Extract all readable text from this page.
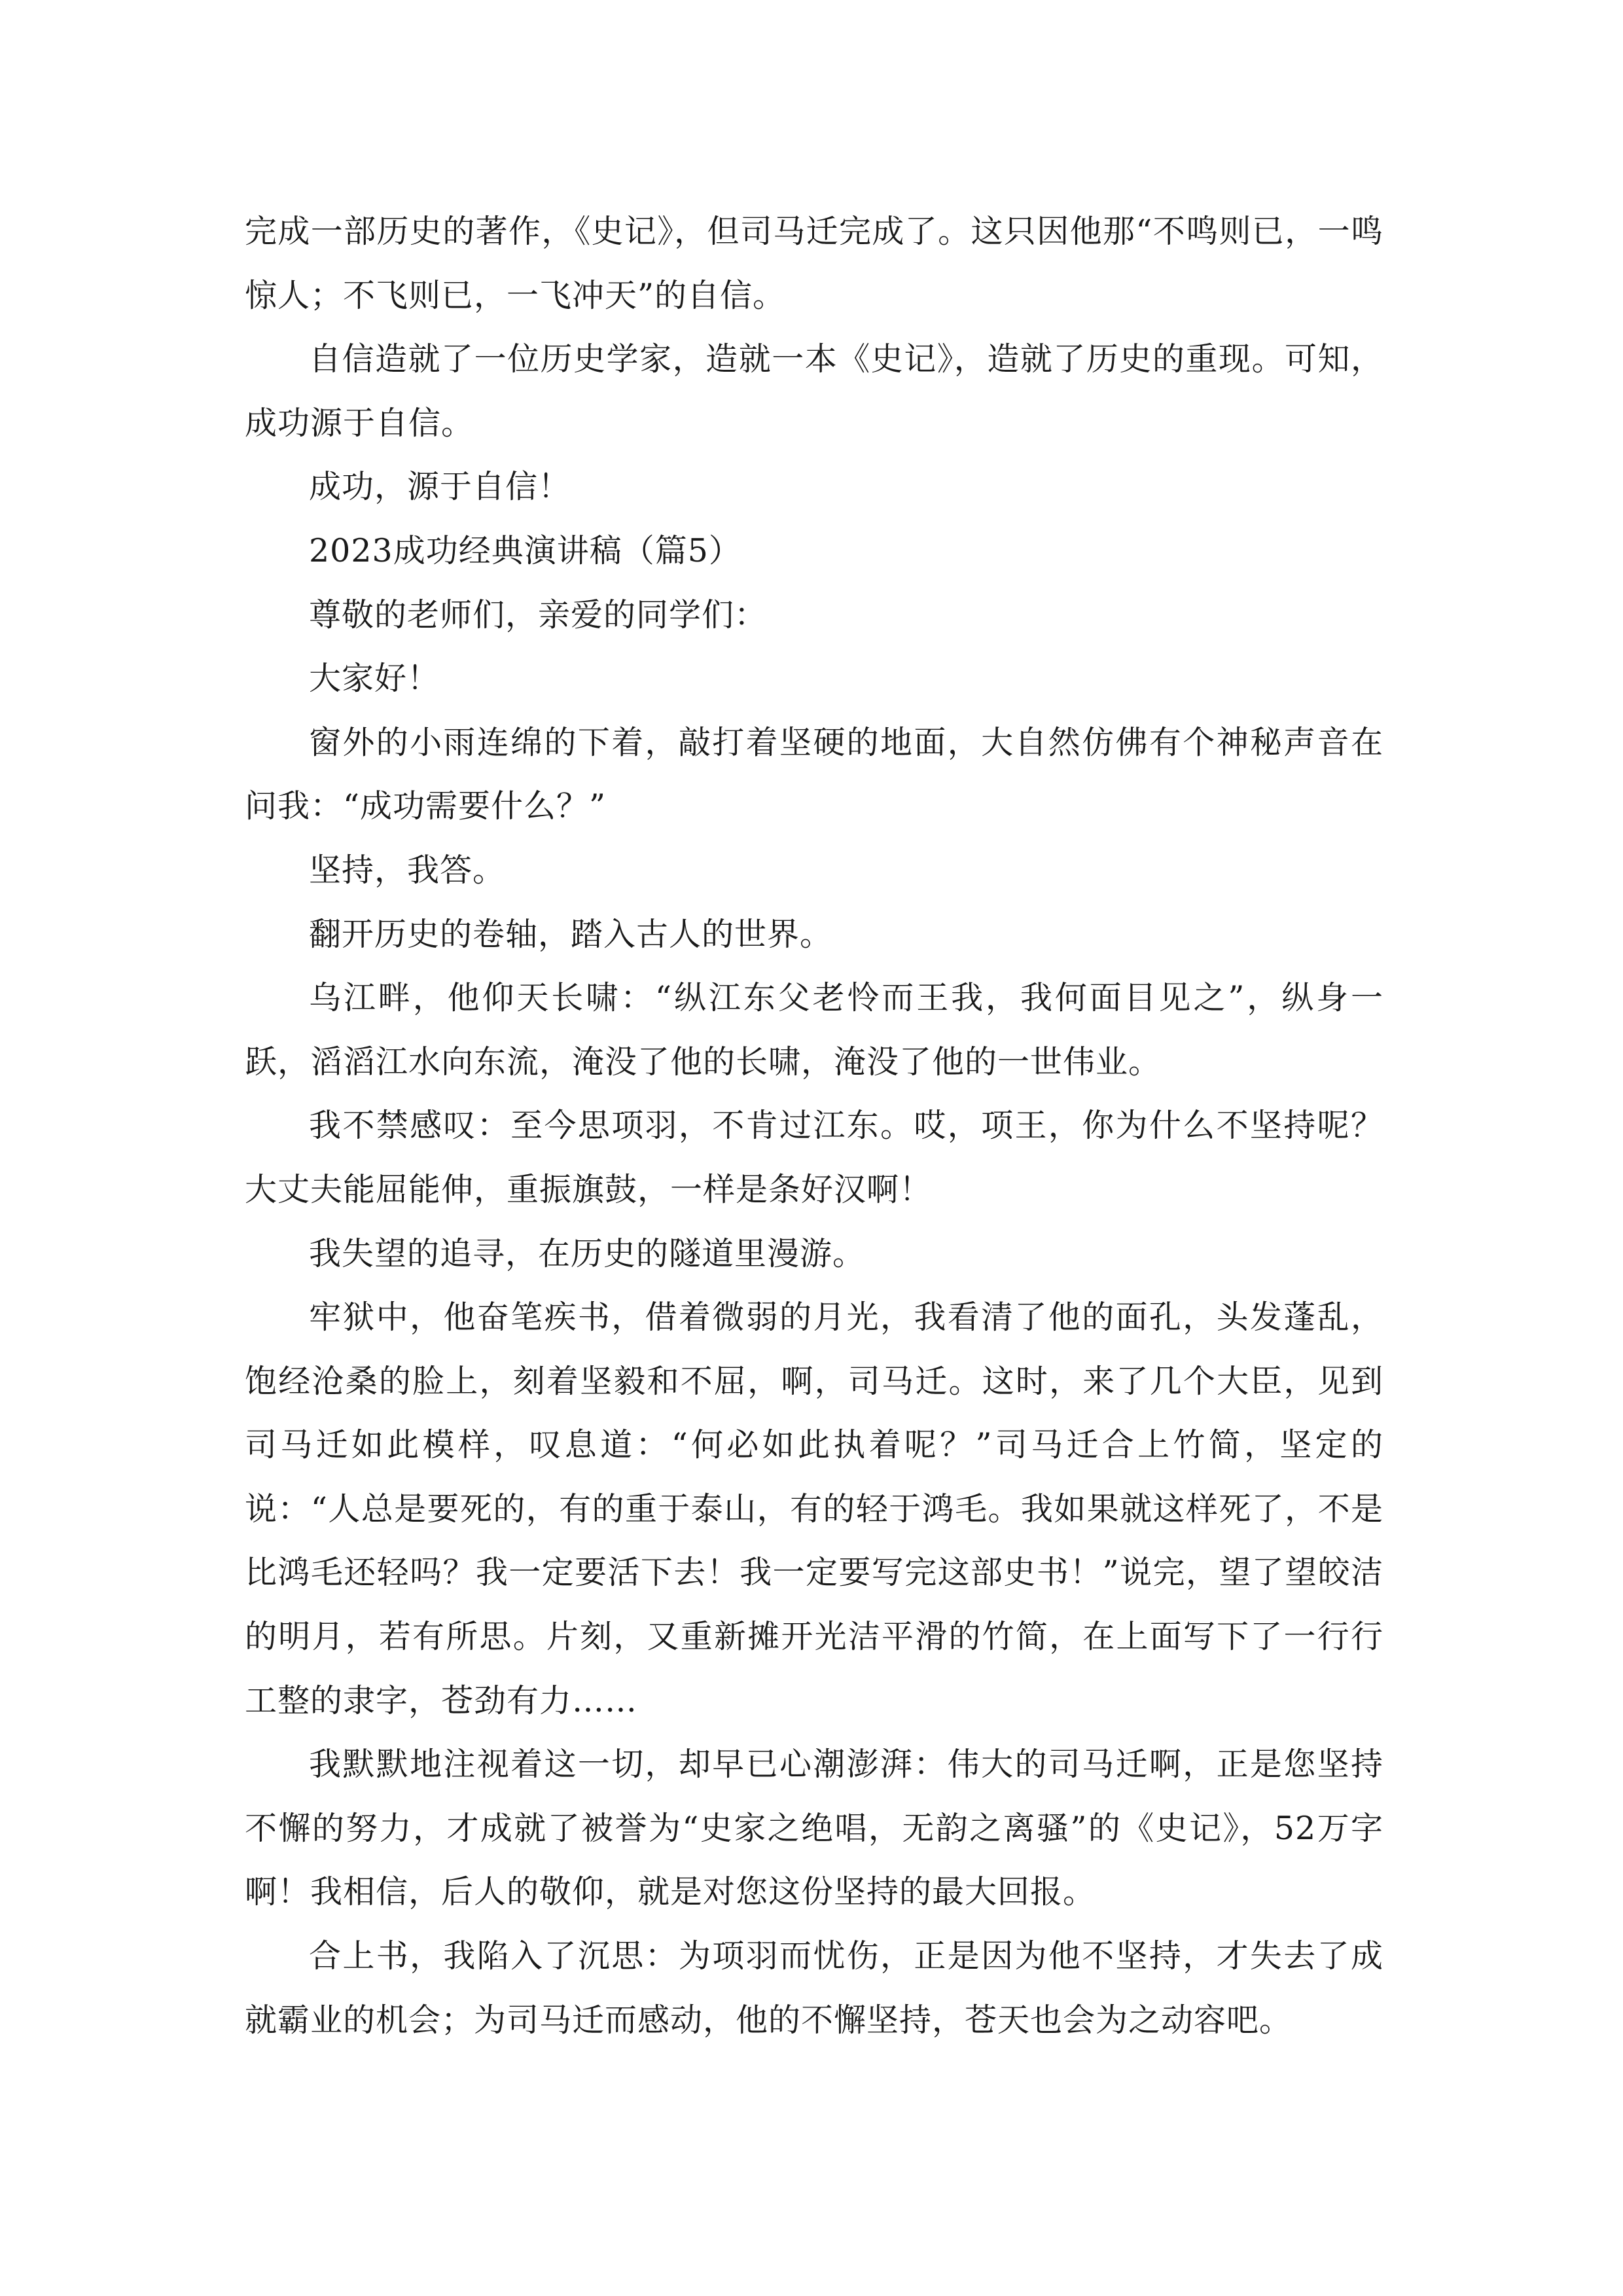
完成一部历史的著作，《史记》，但司马迁完成了。这只因他那“不鸣则已，一鸣惊人；不飞则已，一飞冲天”的自信。

自信造就了一位历史学家，造就一本《史记》，造就了历史的重现。可知，成功源于自信。

成功，源于自信！

2023成功经典演讲稿（篇5）

尊敬的老师们，亲爱的同学们：

大家好！

窗外的小雨连绵的下着，敲打着坚硬的地面，大自然仿佛有个神秘声音在问我：“成功需要什么？”

坚持，我答。

翻开历史的卷轴，踏入古人的世界。

乌江畔，他仰天长啸：“纵江东父老怜而王我，我何面目见之”，纵身一跃，滔滔江水向东流，淹没了他的长啸，淹没了他的一世伟业。

我不禁感叹：至今思项羽，不肯过江东。哎，项王，你为什么不坚持呢？大丈夫能屈能伸，重振旗鼓，一样是条好汉啊！

我失望的追寻，在历史的隧道里漫游。

牢狱中，他奋笔疾书，借着微弱的月光，我看清了他的面孔，头发蓬乱，饱经沧桑的脸上，刻着坚毅和不屈，啊，司马迁。这时，来了几个大臣，见到司马迁如此模样，叹息道：“何必如此执着呢？”司马迁合上竹简，坚定的说：“人总是要死的，有的重于泰山，有的轻于鸿毛。我如果就这样死了，不是比鸿毛还轻吗？我一定要活下去！我一定要写完这部史书！”说完，望了望皎洁的明月，若有所思。片刻，又重新摊开光洁平滑的竹简，在上面写下了一行行工整的隶字，苍劲有力……

我默默地注视着这一切，却早已心潮澎湃：伟大的司马迁啊，正是您坚持不懈的努力，才成就了被誉为“史家之绝唱，无韵之离骚”的《史记》，52万字啊！我相信，后人的敬仰，就是对您这份坚持的最大回报。

合上书，我陷入了沉思：为项羽而忧伤，正是因为他不坚持，才失去了成就霸业的机会；为司马迁而感动，他的不懈坚持，苍天也会为之动容吧。
